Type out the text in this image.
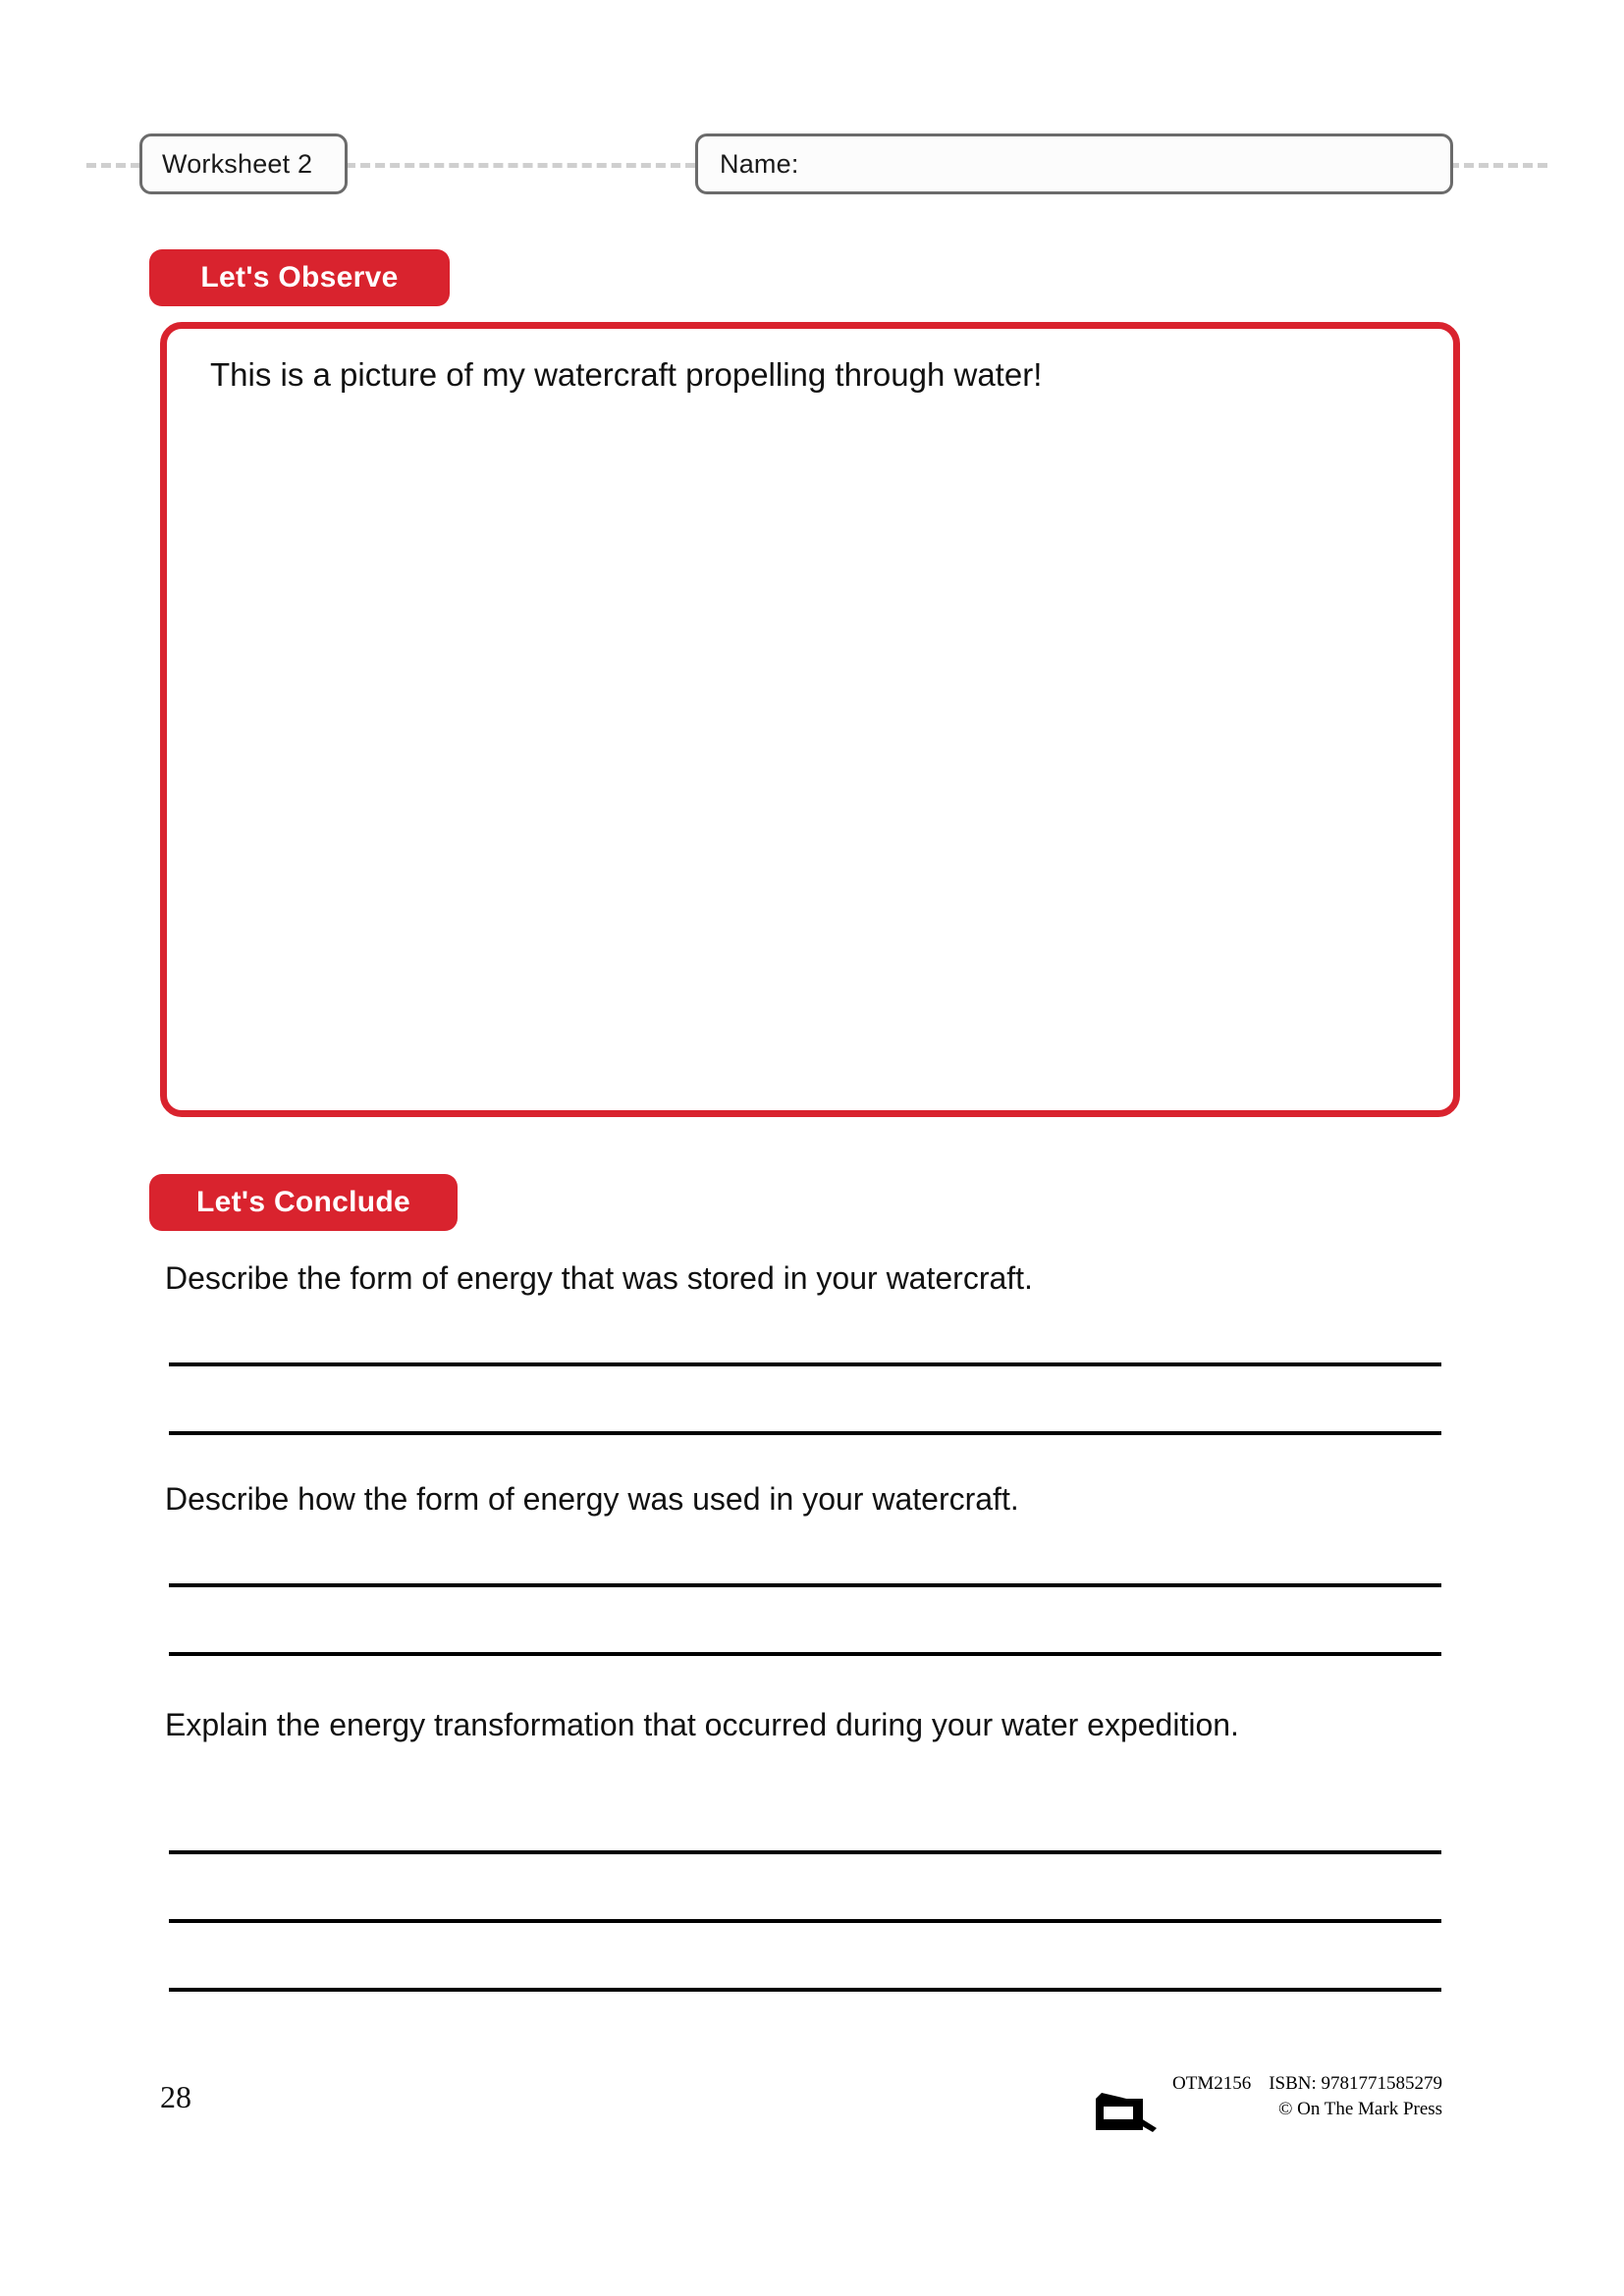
Worksheet 2	Name:
Let's Observe
This is a picture of my watercraft propelling through water!
Let's Conclude
Describe the form of energy that was stored in your watercraft.
Describe how the form of energy was used in your watercraft.
Explain the energy transformation that occurred during your water expedition.
28	OTM2156 ISBN: 9781771585279
© On The Mark Press
